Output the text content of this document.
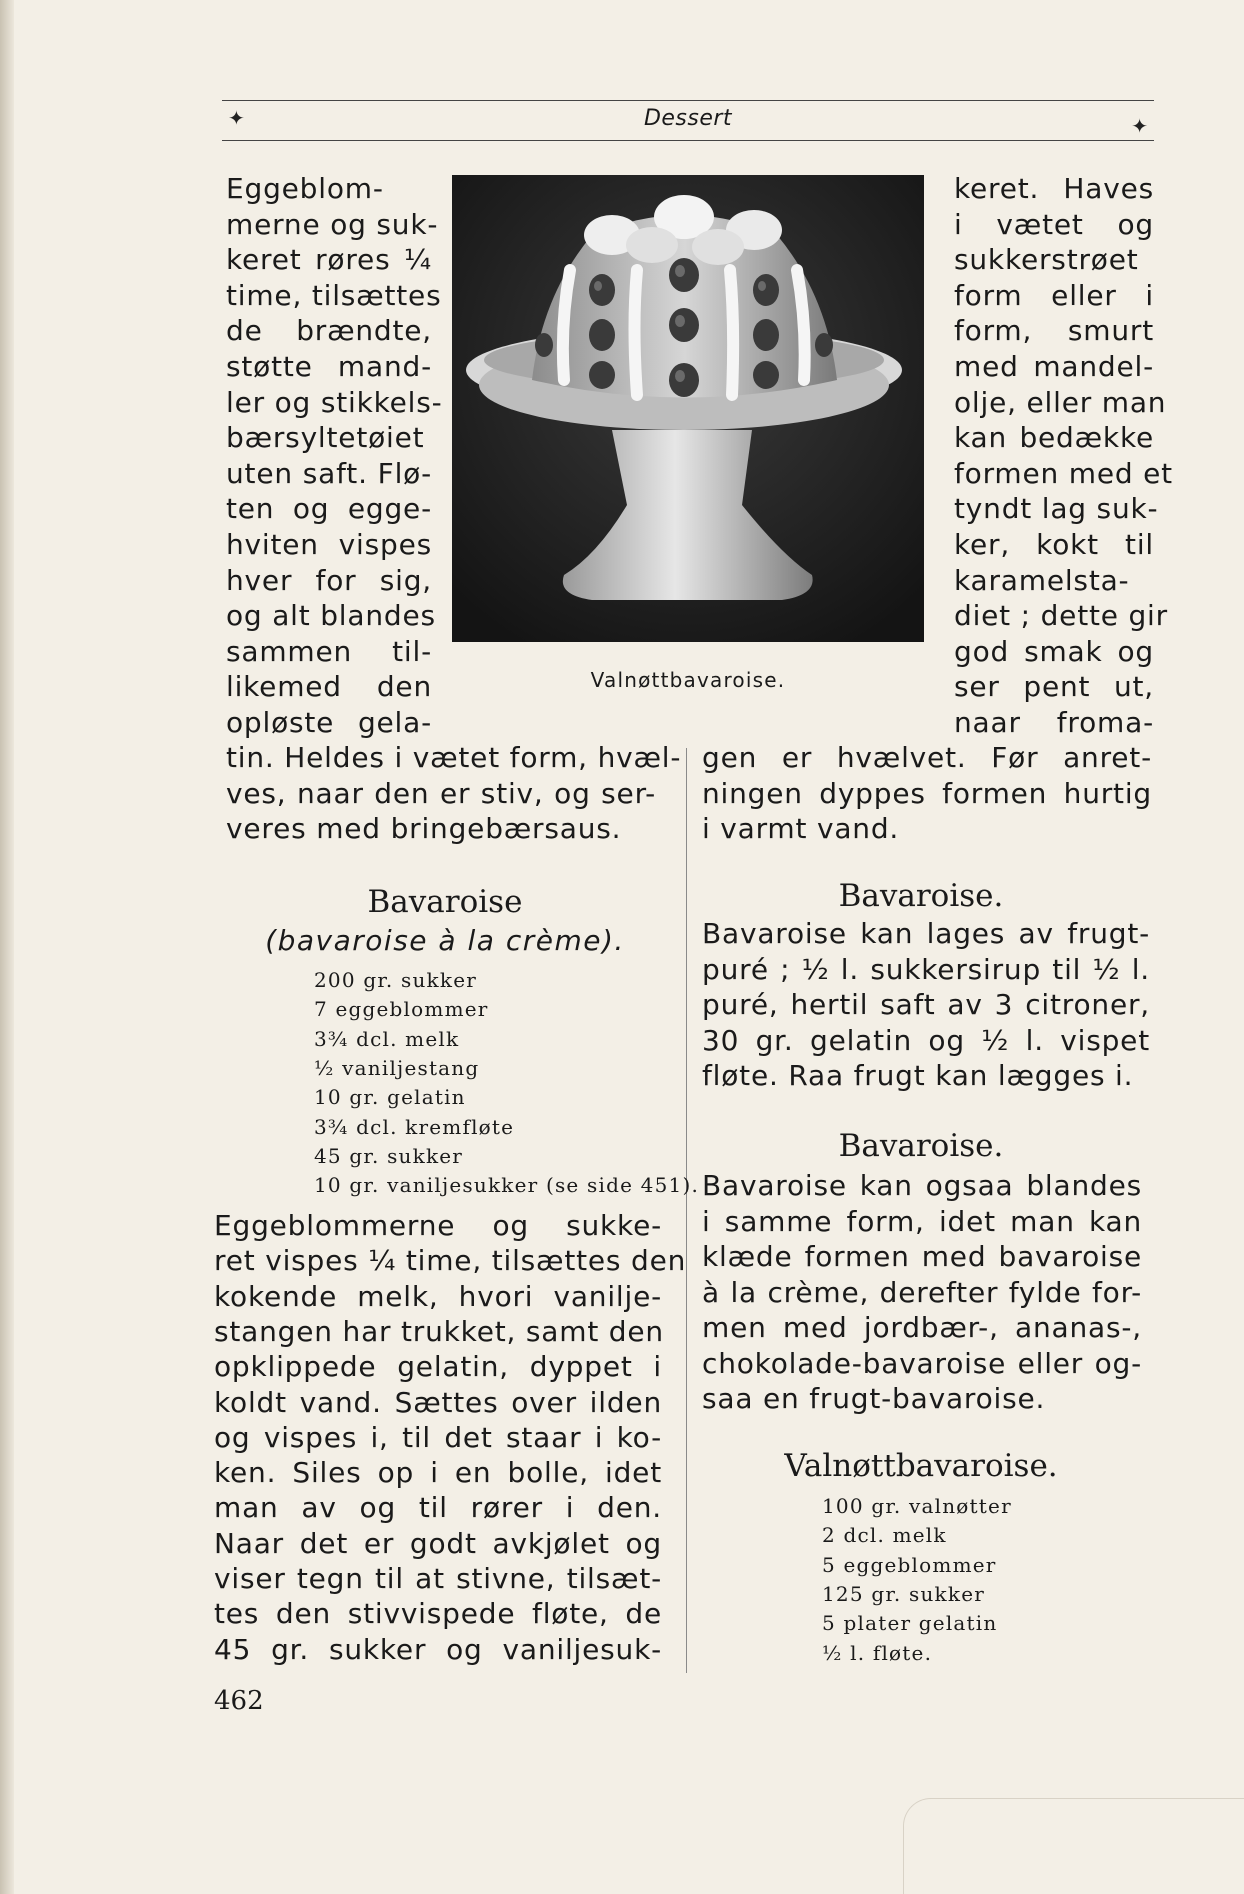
✦	Dessert	✦
Valnøttbavaroise.
Eggeblom-
merne og suk-
keret røres ¼
time, tilsættes
de brændte,
støtte mand-
ler og stikkels-
bærsyltetøiet
uten saft. Flø-
ten og egge-
hviten vispes
hver for sig,
og alt blandes
sammen til-
likemed den
opløste gela-
keret. Haves
i vætet og
sukkerstrøet
form eller i
form, smurt
med mandel-
olje, eller man
kan bedække
formen med et
tyndt lag suk-
ker, kokt til
karamelsta-
diet ; dette gir
god smak og
ser pent ut,
naar froma-
tin. Heldes i vætet form, hvæl-
ves, naar den er stiv, og ser-
veres med bringebærsaus.
gen er hvælvet. Før anret-
ningen dyppes formen hurtig
i varmt vand.
Bavaroise
(bavaroise à la crème).
200 gr. sukker
7 eggeblommer
3¾ dcl. melk
½ vaniljestang
10 gr. gelatin
3¾ dcl. kremfløte
45 gr. sukker
10 gr. vaniljesukker (se side 451).
Eggeblommerne og sukke-
ret vispes ¼ time, tilsættes den
kokende melk, hvori vanilje-
stangen har trukket, samt den
opklippede gelatin, dyppet i
koldt vand. Sættes over ilden
og vispes i, til det staar i ko-
ken. Siles op i en bolle, idet
man av og til rører i den.
Naar det er godt avkjølet og
viser tegn til at stivne, tilsæt-
tes den stivvispede fløte, de
45 gr. sukker og vaniljesuk-
Bavaroise.
Bavaroise kan lages av frugt-
puré ; ½ l. sukkersirup til ½ l.
puré, hertil saft av 3 citroner,
30 gr. gelatin og ½ l. vispet
fløte. Raa frugt kan lægges i.
Bavaroise.
Bavaroise kan ogsaa blandes
i samme form, idet man kan
klæde formen med bavaroise
à la crème, derefter fylde for-
men med jordbær-, ananas-,
chokolade-bavaroise eller og-
saa en frugt-bavaroise.
Valnøttbavaroise.
100 gr. valnøtter
2 dcl. melk
5 eggeblommer
125 gr. sukker
5 plater gelatin
½ l. fløte.
462
